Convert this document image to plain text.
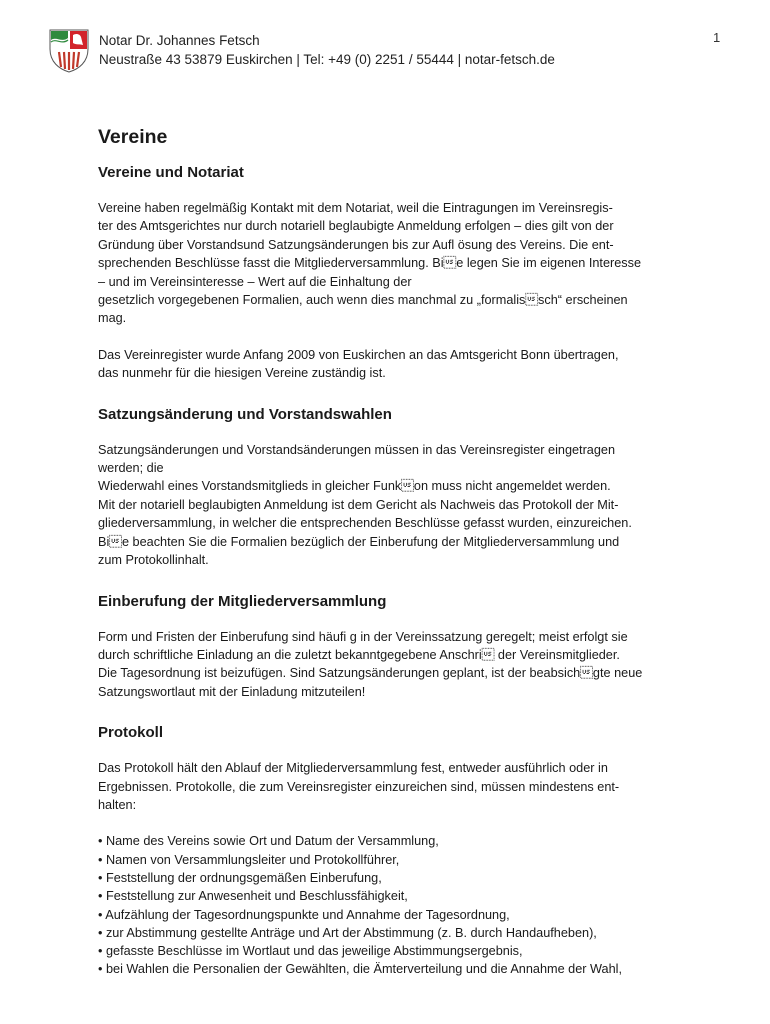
Notar Dr. Johannes Fetsch
Neustraße 43 53879 Euskirchen | Tel: +49 (0) 2251 / 55444 | notar-fetsch.de
1
Vereine
Vereine und Notariat

Vereine haben regelmäßig Kontakt mit dem Notariat, weil die Eintragungen im Vereinsregis-
ter des Amtsgerichtes nur durch notariell beglaubigte Anmeldung erfolgen – dies gilt von der
Gründung über Vorstandsund Satzungsänderungen bis zur Aufl ösung des Vereins. Die ent-
sprechenden Beschlüsse fasst die Mitgliederversammlung. Bie legen Sie im eigenen Interesse
– und im Vereinsinteresse – Wert auf die Einhaltung der
gesetzlich vorgegebenen Formalien, auch wenn dies manchmal zu „formalissch“ erscheinen
mag.

Das Vereinregister wurde Anfang 2009 von Euskirchen an das Amtsgericht Bonn übertragen,
das nunmehr für die hiesigen Vereine zuständig ist.

Satzungsänderung und Vorstandswahlen

Satzungsänderungen und Vorstandsänderungen müssen in das Vereinsregister eingetragen
werden; die
Wiederwahl eines Vorstandsmitglieds in gleicher Funkon muss nicht angemeldet werden.
Mit der notariell beglaubigten Anmeldung ist dem Gericht als Nachweis das Protokoll der Mit-
gliederversammlung, in welcher die entsprechenden Beschlüsse gefasst wurden, einzureichen.
Bie beachten Sie die Formalien bezüglich der Einberufung der Mitgliederversammlung und
zum Protokollinhalt.

Einberufung der Mitgliederversammlung

Form und Fristen der Einberufung sind häufi g in der Vereinssatzung geregelt; meist erfolgt sie
durch schriftliche Einladung an die zuletzt bekanntgegebene Anschri der Vereinsmitglieder.
Die Tagesordnung ist beizufügen. Sind Satzungsänderungen geplant, ist der beabsichgte neue
Satzungswortlaut mit der Einladung mitzuteilen!

Protokoll

Das Protokoll hält den Ablauf der Mitgliederversammlung fest, entweder ausführlich oder in
Ergebnissen. Protokolle, die zum Vereinsregister einzureichen sind, müssen mindestens ent-
halten:

• Name des Vereins sowie Ort und Datum der Versammlung,
• Namen von Versammlungsleiter und Protokollführer,
• Feststellung der ordnungsgemäßen Einberufung,
• Feststellung zur Anwesenheit und Beschlussfähigkeit,
• Aufzählung der Tagesordnungspunkte und Annahme der Tagesordnung,
• zur Abstimmung gestellte Anträge und Art der Abstimmung (z. B. durch Handaufheben),
• gefasste Beschlüsse im Wortlaut und das jeweilige Abstimmungsergebnis,
• bei Wahlen die Personalien der Gewählten, die Ämterverteilung und die Annahme der Wahl,
